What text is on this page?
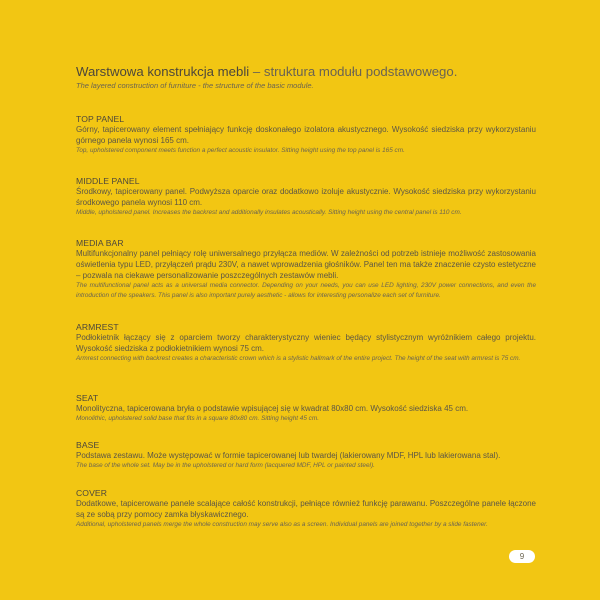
Warstwowa konstrukcja mebli – struktura modułu podstawowego.
The layered construction of furniture - the structure of the basic module.
TOP PANEL
Górny, tapicerowany element spełniający funkcję doskonałego izolatora akustycznego. Wysokość siedziska przy wykorzystaniu górnego panela wynosi 165 cm.
Top, upholstered component meets function a perfect acoustic insulator. Sitting height using the top panel is 165 cm.
MIDDLE PANEL
Środkowy, tapicerowany panel. Podwyższa oparcie oraz dodatkowo izoluje akustycznie. Wysokość siedziska przy wykorzystaniu środkowego panela wynosi 110 cm.
Middle, upholstered panel. Increases the backrest and additionally insulates acoustically. Sitting height using the central panel is 110 cm.
MEDIA BAR
Multifunkcjonalny panel pełniący rolę uniwersalnego przyłącza mediów. W zależności od potrzeb istnieje możliwość zastosowania oświetlenia typu LED, przyłączeń prądu 230V, a nawet wprowadzenia głośników. Panel ten ma także znaczenie czysto estetyczne – pozwala na ciekawe personalizowanie poszczególnych zestawów mebli.
The multifunctional panel acts as a universal media connector. Depending on your needs, you can use LED lighting, 230V power connections, and even the introduction of the speakers. This panel is also important purely aesthetic - allows for interesting personalize each set of furniture.
ARMREST
Podłokietnik łączący się z oparciem tworzy charakterystyczny wieniec będący stylistycznym wyróżnikiem całego projektu. Wysokość siedziska z podłokietnikiem wynosi 75 cm.
Armrest connecting with backrest creates a characteristic crown which is a stylistic hallmark of the entire project. The height of the seat with armrest is 75 cm.
SEAT
Monolityczna, tapicerowana bryła o podstawie wpisującej się w kwadrat 80x80 cm. Wysokość siedziska 45 cm.
Monolithic, upholstered solid base that fits in a square 80x80 cm. Sitting height 45 cm.
BASE
Podstawa zestawu. Może występować w formie tapicerowanej lub twardej (lakierowany MDF, HPL lub lakierowana stal).
The base of the whole set. May be in the upholstered or hard form (lacquered MDF, HPL or painted steel).
COVER
Dodatkowe, tapicerowane panele scalające całość konstrukcji, pełniące również funkcję parawanu. Poszczególne panele łączone są ze sobą przy pomocy zamka błyskawicznego.
Additional, upholstered panels merge the whole construction may serve also as a screen. Individual panels are joined together by a slide fastener.
9
